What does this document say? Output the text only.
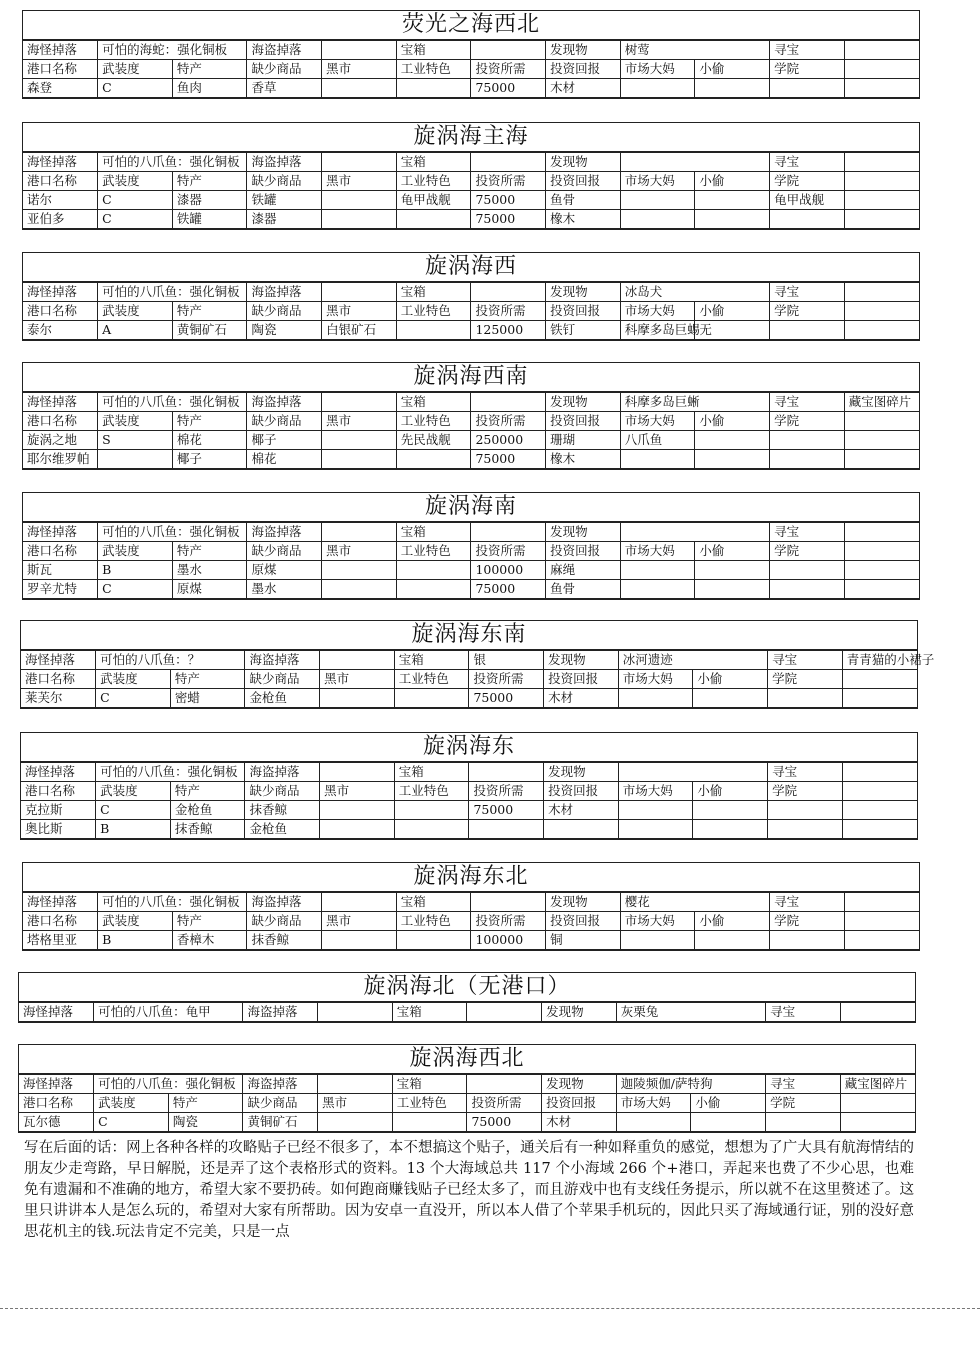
荧光之海西北
海怪掉落	可怕的海蛇：强化铜板		海盗掉落		宝箱		发现物	树莺		寻宝	
港口名称	武装度	特产	缺少商品	黑市	工业特色	投资所需	投资回报	市场大妈	小偷	学院	
森登	C	鱼肉	香草			75000	木材				
旋涡海主海
海怪掉落	可怕的八爪鱼：强化铜板		海盗掉落		宝箱		发现物			寻宝	
港口名称	武装度	特产	缺少商品	黑市	工业特色	投资所需	投资回报	市场大妈	小偷	学院	
诺尔	C	漆器	铁罐		龟甲战舰	75000	鱼骨			龟甲战舰	
亚伯多	C	铁罐	漆器			75000	橡木				
旋涡海西
海怪掉落	可怕的八爪鱼：强化铜板		海盗掉落		宝箱		发现物	冰岛犬		寻宝	
港口名称	武装度	特产	缺少商品	黑市	工业特色	投资所需	投资回报	市场大妈	小偷	学院	
泰尔	A	黄铜矿石	陶瓷	白银矿石		125000	铁钉	科摩多岛巨蜴	无		
旋涡海西南
海怪掉落	可怕的八爪鱼：强化铜板		海盗掉落		宝箱		发现物	科摩多岛巨蜥		寻宝	藏宝图碎片
港口名称	武装度	特产	缺少商品	黑市	工业特色	投资所需	投资回报	市场大妈	小偷	学院	
旋涡之地	S	棉花	椰子		先民战舰	250000	珊瑚	八爪鱼			
耶尔维罗帕		椰子	棉花			75000	橡木				
旋涡海南
海怪掉落	可怕的八爪鱼：强化铜板		海盗掉落		宝箱		发现物			寻宝	
港口名称	武装度	特产	缺少商品	黑市	工业特色	投资所需	投资回报	市场大妈	小偷	学院	
斯瓦	B	墨水	原煤			100000	麻绳				
罗辛尤特	C	原煤	墨水			75000	鱼骨				
旋涡海东南
海怪掉落	可怕的八爪鱼：？		海盗掉落		宝箱	银	发现物	冰河遗迹		寻宝	青青猫的小裙子
港口名称	武装度	特产	缺少商品	黑市	工业特色	投资所需	投资回报	市场大妈	小偷	学院	
莱芙尔	C	密蜡	金枪鱼			75000	木材				
旋涡海东
海怪掉落	可怕的八爪鱼：强化铜板		海盗掉落		宝箱		发现物			寻宝	
港口名称	武装度	特产	缺少商品	黑市	工业特色	投资所需	投资回报	市场大妈	小偷	学院	
克拉斯	C	金枪鱼	抹香鲸			75000	木材				
奥比斯	B	抹香鲸	金枪鱼								
旋涡海东北
海怪掉落	可怕的八爪鱼：强化铜板		海盗掉落		宝箱		发现物	樱花		寻宝	
港口名称	武装度	特产	缺少商品	黑市	工业特色	投资所需	投资回报	市场大妈	小偷	学院	
塔格里亚	B	香樟木	抹香鲸			100000	铜				
旋涡海北（无港口）
海怪掉落	可怕的八爪鱼：龟甲	海盗掉落		宝箱		发现物	灰栗兔	寻宝	
旋涡海西北
海怪掉落	可怕的八爪鱼：强化铜板		海盗掉落		宝箱		发现物	迦陵频伽/萨特狗		寻宝	藏宝图碎片
港口名称	武装度	特产	缺少商品	黑市	工业特色	投资所需	投资回报	市场大妈	小偷	学院	
瓦尔德	C	陶瓷	黄铜矿石			75000	木材				
写在后面的话：网上各种各样的攻略贴子已经不很多了，本不想搞这个贴子，通关后有一种如释重负的感觉，想想为了广大具有航海情结的朋友少走弯路，早日解脱，还是弄了这个表格形式的资料。13 个大海域总共 117 个小海域 266 个+港口，弄起来也费了不少心思，也难免有遗漏和不准确的地方，希望大家不要扔砖。如何跑商赚钱贴子已经太多了，而且游戏中也有支线任务提示，所以就不在这里赘述了。这里只讲讲本人是怎么玩的，希望对大家有所帮助。因为安卓一直没开，所以本人借了个苹果手机玩的，因此只买了海域通行证，别的没好意思花机主的钱.玩法肯定不完美，只是一点
